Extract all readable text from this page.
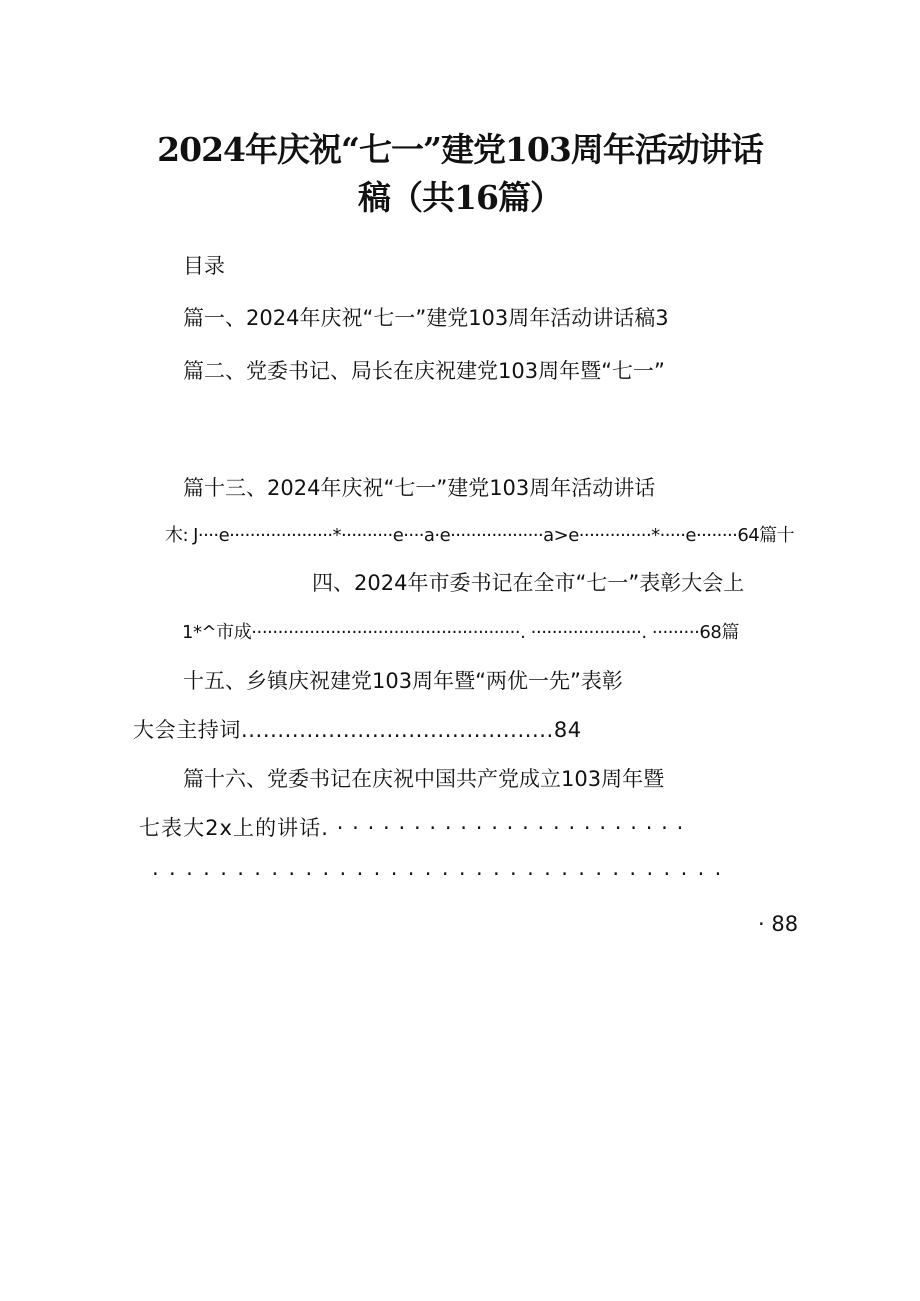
2024年庆祝“七一”建党103周年活动讲话
稿（共16篇）
目录
篇一、2024年庆祝“七一”建党103周年活动讲话稿3
篇二、党委书记、局长在庆祝建党103周年暨“七一”
篇十三、2024年庆祝“七一”建党103周年活动讲话
木: J····e····················*··········e····a·e··················a>e··············*·····e········64篇十
四、2024年市委书记在全市“七一”表彰大会上
1*^市成···················································. ·····················. ·········68篇
十五、乡镇庆祝建党103周年暨“两优一先”表彰
大会主持词...........................................84
篇十六、党委书记在庆祝中国共产党成立103周年暨
七表大2x上的讲话. · · · · · · · · · · · · · · · · · · · · · · ·
· · · · · · · · · · · · · · · · · · · · · · · · · · · · · · · · · ·
· 88
